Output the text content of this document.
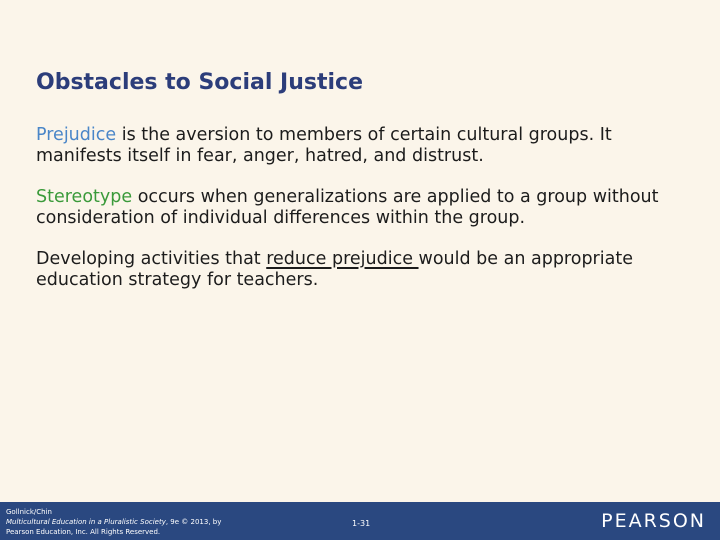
Obstacles to Social Justice

Prejudice is the aversion to members of certain cultural groups. It manifests itself in fear, anger, hatred, and distrust.

Stereotype occurs when generalizations are applied to a group without consideration of individual differences within the group.

Developing activities that reduce prejudice would be an appropriate education strategy for teachers.

Gollnick/Chin
Multicultural Education in a Pluralistic Society, 9e © 2013, by
Pearson Education, Inc. All Rights Reserved.
1-31	PEARSON
